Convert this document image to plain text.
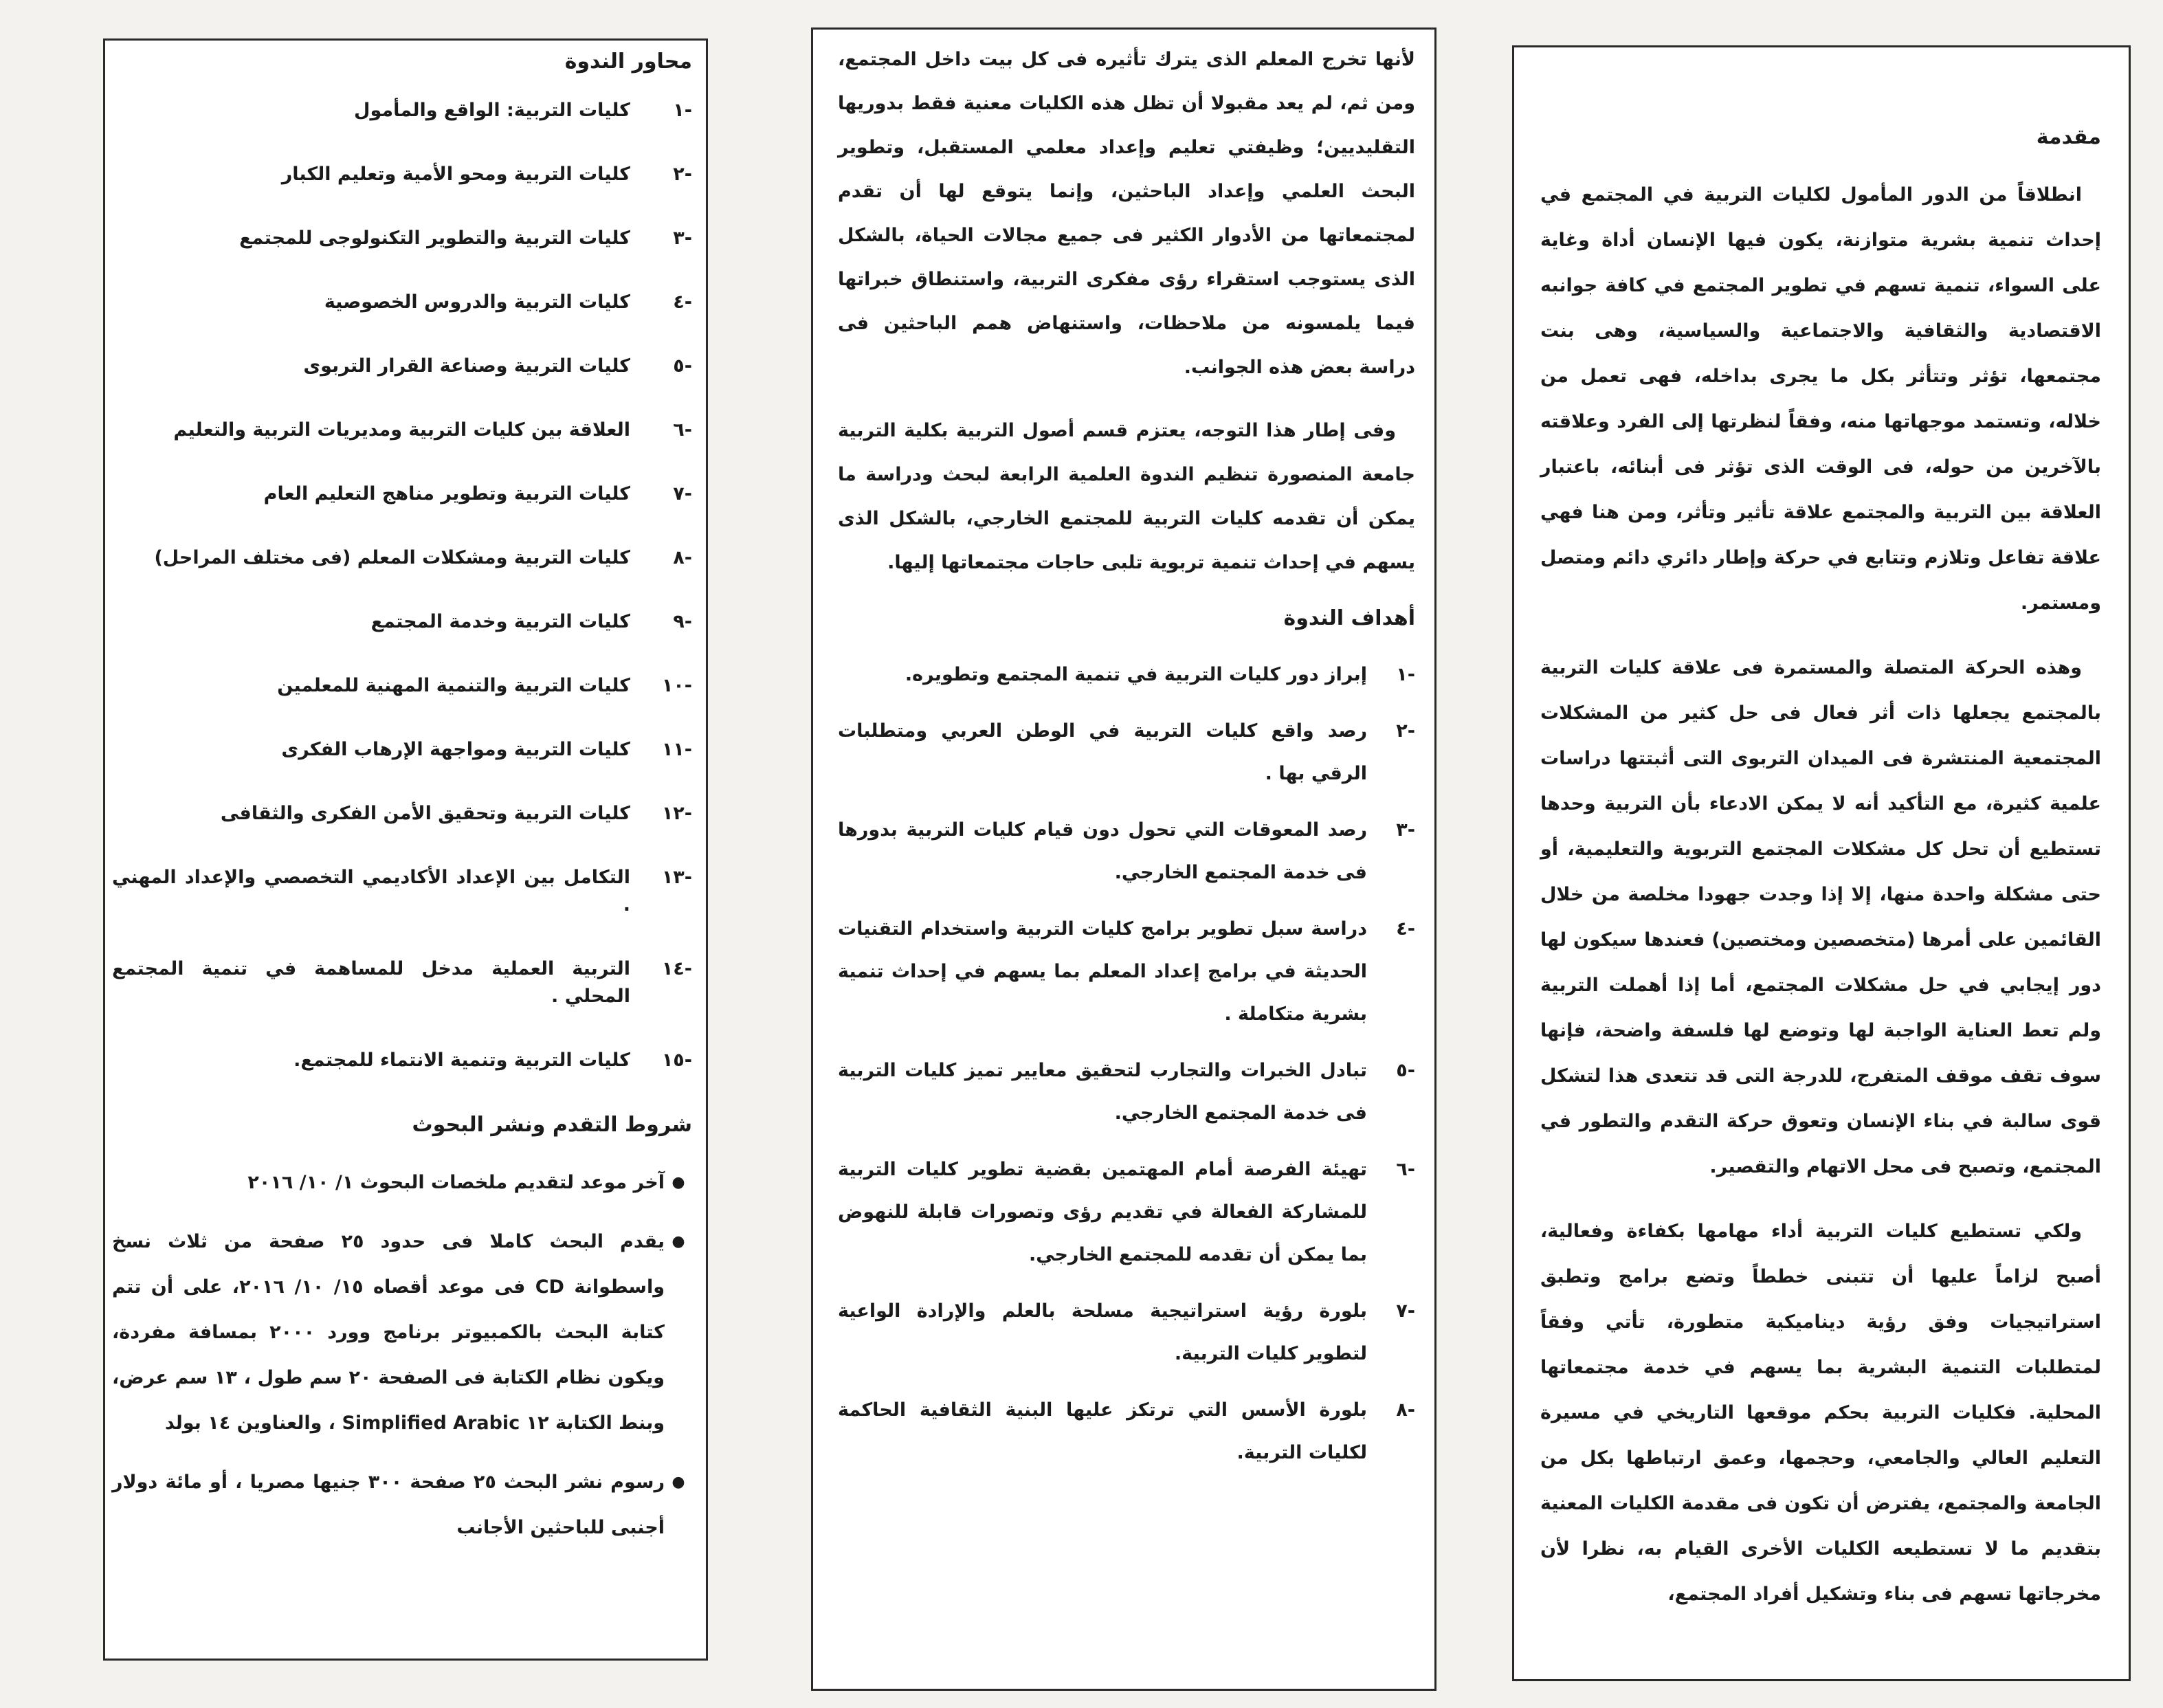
مقدمة

انطلاقاً من الدور المأمول لكليات التربية في المجتمع في إحداث تنمية بشرية متوازنة، يكون فيها الإنسان أداة وغاية على السواء، تنمية تسهم في تطوير المجتمع في كافة جوانبه الاقتصادية والثقافية والاجتماعية والسياسية، وهى بنت مجتمعها، تؤثر وتتأثر بكل ما يجرى بداخله، فهى تعمل من خلاله، وتستمد موجهاتها منه، وفقاً لنظرتها إلى الفرد وعلاقته بالآخرين من حوله، فى الوقت الذى تؤثر فى أبنائه، باعتبار العلاقة بين التربية والمجتمع علاقة تأثير وتأثر، ومن هنا فهي علاقة تفاعل وتلازم وتتابع في حركة وإطار دائري دائم ومتصل ومستمر.

وهذه الحركة المتصلة والمستمرة فى علاقة كليات التربية بالمجتمع يجعلها ذات أثر فعال فى حل كثير من المشكلات المجتمعية المنتشرة فى الميدان التربوى التى أثبتتها دراسات علمية كثيرة، مع التأكيد أنه لا يمكن الادعاء بأن التربية وحدها تستطيع أن تحل كل مشكلات المجتمع التربوية والتعليمية، أو حتى مشكلة واحدة منها، إلا إذا وجدت جهودا مخلصة من خلال القائمين على أمرها (متخصصين ومختصين) فعندها سيكون لها دور إيجابي في حل مشكلات المجتمع، أما إذا أهملت التربية ولم تعط العناية الواجبة لها وتوضع لها فلسفة واضحة، فإنها سوف تقف موقف المتفرج، للدرجة التى قد تتعدى هذا لتشكل قوى سالبة في بناء الإنسان وتعوق حركة التقدم والتطور في المجتمع، وتصبح فى محل الاتهام والتقصير.

ولكي تستطيع كليات التربية أداء مهامها بكفاءة وفعالية، أصبح لزاماً عليها أن تتبنى خططاً وتضع برامج وتطبق استراتيجيات وفق رؤية ديناميكية متطورة، تأتي وفقاً لمتطلبات التنمية البشرية بما يسهم في خدمة مجتمعاتها المحلية. فكليات التربية بحكم موقعها التاريخي في مسيرة التعليم العالي والجامعي، وحجمها، وعمق ارتباطها بكل من الجامعة والمجتمع، يفترض أن تكون فى مقدمة الكليات المعنية بتقديم ما لا تستطيعه الكليات الأخرى القيام به، نظرا لأن مخرجاتها تسهم فى بناء وتشكيل أفراد المجتمع،

لأنها تخرج المعلم الذى يترك تأثيره فى كل بيت داخل المجتمع، ومن ثم، لم يعد مقبولا أن تظل هذه الكليات معنية فقط بدوريها التقليديين؛ وظيفتي تعليم وإعداد معلمي المستقبل، وتطوير البحث العلمي وإعداد الباحثين، وإنما يتوقع لها أن تقدم لمجتمعاتها من الأدوار الكثير فى جميع مجالات الحياة، بالشكل الذى يستوجب استقراء رؤى مفكرى التربية، واستنطاق خبراتها فيما يلمسونه من ملاحظات، واستنهاض همم الباحثين فى دراسة بعض هذه الجوانب.

وفى إطار هذا التوجه، يعتزم قسم أصول التربية بكلية التربية جامعة المنصورة تنظيم الندوة العلمية الرابعة لبحث ودراسة ما يمكن أن تقدمه كليات التربية للمجتمع الخارجي، بالشكل الذى يسهم في إحداث تنمية تربوية تلبى حاجات مجتمعاتها إليها.

أهداف الندوة
-١
إبراز دور كليات التربية في تنمية المجتمع وتطويره.
-٢
رصد واقع كليات التربية في الوطن العربي ومتطلبات الرقي بها .
-٣
رصد المعوقات التي تحول دون قيام كليات التربية بدورها فى خدمة المجتمع الخارجي.
-٤
دراسة سبل تطوير برامج كليات التربية واستخدام التقنيات الحديثة في برامج إعداد المعلم بما يسهم في إحداث تنمية بشرية متكاملة .
-٥
تبادل الخبرات والتجارب لتحقيق معايير تميز كليات التربية فى خدمة المجتمع الخارجي.
-٦
تهيئة الفرصة أمام المهتمين بقضية تطوير كليات التربية للمشاركة الفعالة في تقديم رؤى وتصورات قابلة للنهوض بما يمكن أن تقدمه للمجتمع الخارجي.
-٧
بلورة رؤية استراتيجية مسلحة بالعلم والإرادة الواعية لتطوير كليات التربية.
-٨
بلورة الأسس التي ترتكز عليها البنية الثقافية الحاكمة لكليات التربية.
محاور الندوة
-١
كليات التربية: الواقع والمأمول
-٢
كليات التربية ومحو الأمية وتعليم الكبار
-٣
كليات التربية والتطوير التكنولوجى للمجتمع
-٤
كليات التربية والدروس الخصوصية
-٥
كليات التربية وصناعة القرار التربوى
-٦
العلاقة بين كليات التربية ومديريات التربية والتعليم
-٧
كليات التربية وتطوير مناهج التعليم العام
-٨
كليات التربية ومشكلات المعلم (فى مختلف المراحل)
-٩
كليات التربية وخدمة المجتمع
-١٠
كليات التربية والتنمية المهنية للمعلمين
-١١
كليات التربية ومواجهة الإرهاب الفكرى
-١٢
كليات التربية وتحقيق الأمن الفكرى والثقافى
-١٣
التكامل بين الإعداد الأكاديمي التخصصي والإعداد المهني .
-١٤
التربية العملية مدخل للمساهمة في تنمية المجتمع المحلي .
-١٥
كليات التربية وتنمية الانتماء للمجتمع.
شروط التقدم ونشر البحوث
●
آخر موعد لتقديم ملخصات البحوث ١/ ١٠/ ٢٠١٦
●
يقدم البحث كاملا فى حدود ٢٥ صفحة من ثلاث نسخ واسطوانة CD فى موعد أقصاه ١٥/ ١٠/ ٢٠١٦، على أن تتم كتابة البحث بالكمبيوتر برنامج وورد ٢٠٠٠ بمسافة مفردة، ويكون نظام الكتابة فى الصفحة ٢٠ سم طول ، ١٣ سم عرض، وبنط الكتابة ١٢ Simplified Arabic ، والعناوين ١٤ بولد
●
رسوم نشر البحث ٢٥ صفحة ٣٠٠ جنيها مصريا ، أو مائة دولار أجنبى للباحثين الأجانب
